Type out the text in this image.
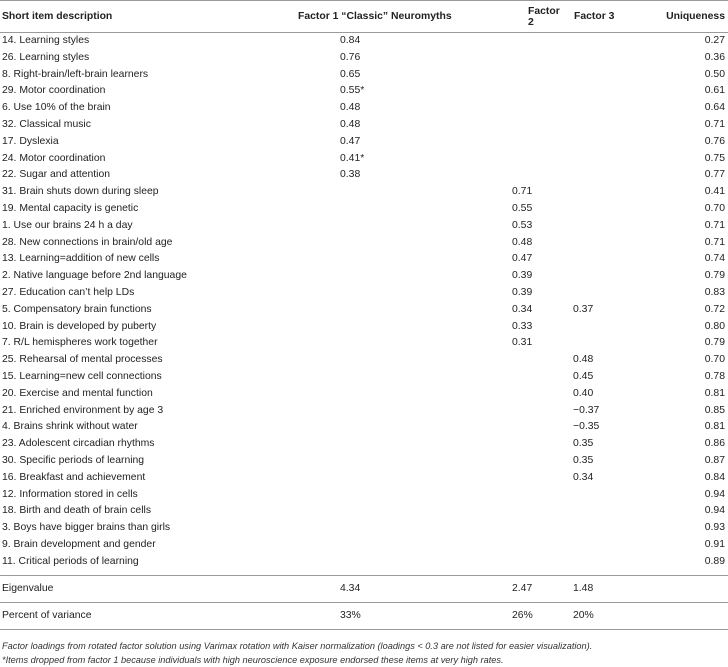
Short item description	Factor 1 “Classic” Neuromyths	Factor 2	Factor 3	Uniqueness
14. Learning styles	0.84			0.27
26. Learning styles	0.76			0.36
8. Right-brain/left-brain learners	0.65			0.50
29. Motor coordination	0.55*			0.61
6. Use 10% of the brain	0.48			0.64
32. Classical music	0.48			0.71
17. Dyslexia	0.47			0.76
24. Motor coordination	0.41*			0.75
22. Sugar and attention	0.38			0.77
31. Brain shuts down during sleep		0.71		0.41
19. Mental capacity is genetic		0.55		0.70
1. Use our brains 24 h a day		0.53		0.71
28. New connections in brain/old age		0.48		0.71
13. Learning=addition of new cells		0.47		0.74
2. Native language before 2nd language		0.39		0.79
27. Education can’t help LDs		0.39		0.83
5. Compensatory brain functions		0.34	0.37	0.72
10. Brain is developed by puberty		0.33		0.80
7. R/L hemispheres work together		0.31		0.79
25. Rehearsal of mental processes			0.48	0.70
15. Learning=new cell connections			0.45	0.78
20. Exercise and mental function			0.40	0.81
21. Enriched environment by age 3			−0.37	0.85
4. Brains shrink without water			−0.35	0.81
23. Adolescent circadian rhythms			0.35	0.86
30. Specific periods of learning			0.35	0.87
16. Breakfast and achievement			0.34	0.84
12. Information stored in cells				0.94
18. Birth and death of brain cells				0.94
3. Boys have bigger brains than girls				0.93
9. Brain development and gender				0.91
11. Critical periods of learning				0.89
Eigenvalue	4.34	2.47	1.48	
Percent of variance	33%	26%	20%	
Factor loadings from rotated factor solution using Varimax rotation with Kaiser normalization (loadings < 0.3 are not listed for easier visualization).
*Items dropped from factor 1 because individuals with high neuroscience exposure endorsed these items at very high rates.
